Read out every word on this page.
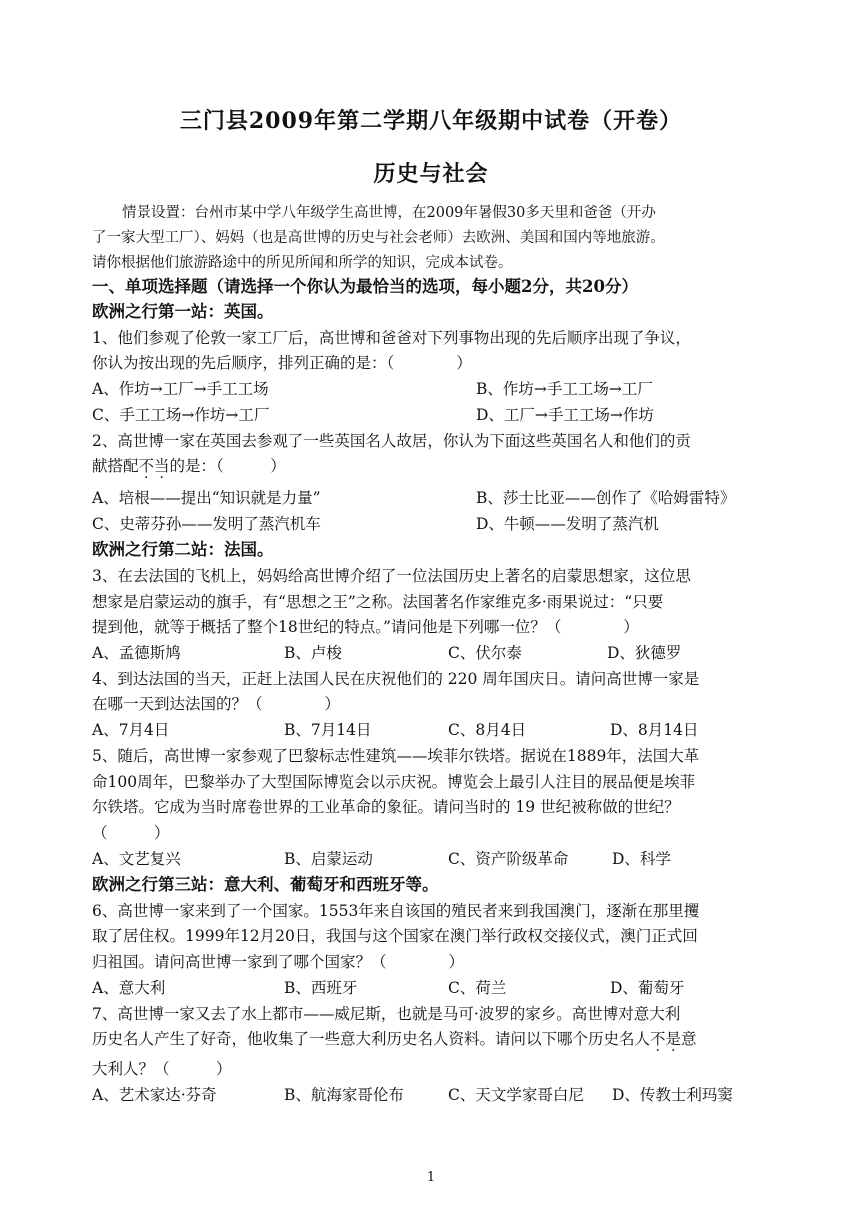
三门县2009年第二学期八年级期中试卷（开卷）
历史与社会
情景设置：台州市某中学八年级学生高世博，在2009年暑假30多天里和爸爸（开办
了一家大型工厂）、妈妈（也是高世博的历史与社会老师）去欧洲、美国和国内等地旅游。
请你根据他们旅游路途中的所见所闻和所学的知识，完成本试卷。
一、单项选择题（请选择一个你认为最恰当的选项，每小题2分，共20分）
欧洲之行第一站：英国。
1、他们参观了伦敦一家工厂后，高世博和爸爸对下列事物出现的先后顺序出现了争议，
你认为按出现的先后顺序，排列正确的是：（　　　　）
A、作坊→工厂→手工工场	B、作坊→手工工场→工厂
C、手工工场→作坊→工厂	D、工厂→手工工场→作坊
2、高世博一家在英国去参观了一些英国名人故居，你认为下面这些英国名人和他们的贡
献搭配不当的是：（　　　）
A、培根——提出“知识就是力量”	B、莎士比亚——创作了《哈姆雷特》
C、史蒂芬孙——发明了蒸汽机车	D、牛顿——发明了蒸汽机
欧洲之行第二站：法国。
3、在去法国的飞机上，妈妈给高世博介绍了一位法国历史上著名的启蒙思想家，这位思
想家是启蒙运动的旗手，有“思想之王”之称。法国著名作家维克多·雨果说过：“只要
提到他，就等于概括了整个18世纪的特点。”请问他是下列哪一位？（　　　　）
A、孟德斯鸠	B、卢梭	C、伏尔泰	D、狄德罗
4、到达法国的当天，正赶上法国人民在庆祝他们的 220 周年国庆日。请问高世博一家是
在哪一天到达法国的？（　　　　）
A、7月4日	B、7月14日	C、8月4日	D、8月14日
5、随后，高世博一家参观了巴黎标志性建筑——埃菲尔铁塔。据说在1889年，法国大革
命100周年，巴黎举办了大型国际博览会以示庆祝。博览会上最引人注目的展品便是埃菲
尔铁塔。它成为当时席卷世界的工业革命的象征。请问当时的 19 世纪被称做的世纪？
（　　　）
A、文艺复兴	B、启蒙运动	C、资产阶级革命	D、科学
欧洲之行第三站：意大利、葡萄牙和西班牙等。
6、高世博一家来到了一个国家。1553年来自该国的殖民者来到我国澳门，逐渐在那里攫
取了居住权。1999年12月20日，我国与这个国家在澳门举行政权交接仪式，澳门正式回
归祖国。请问高世博一家到了哪个国家？（　　　　）
A、意大利	B、西班牙	C、荷兰	D、葡萄牙
7、高世博一家又去了水上都市——威尼斯，也就是马可·波罗的家乡。高世博对意大利
历史名人产生了好奇，他收集了一些意大利历史名人资料。请问以下哪个历史名人不是意
大利人？（　　　）
A、艺术家达·芬奇	B、航海家哥伦布	C、天文学家哥白尼 D、传教士利玛窦
1
